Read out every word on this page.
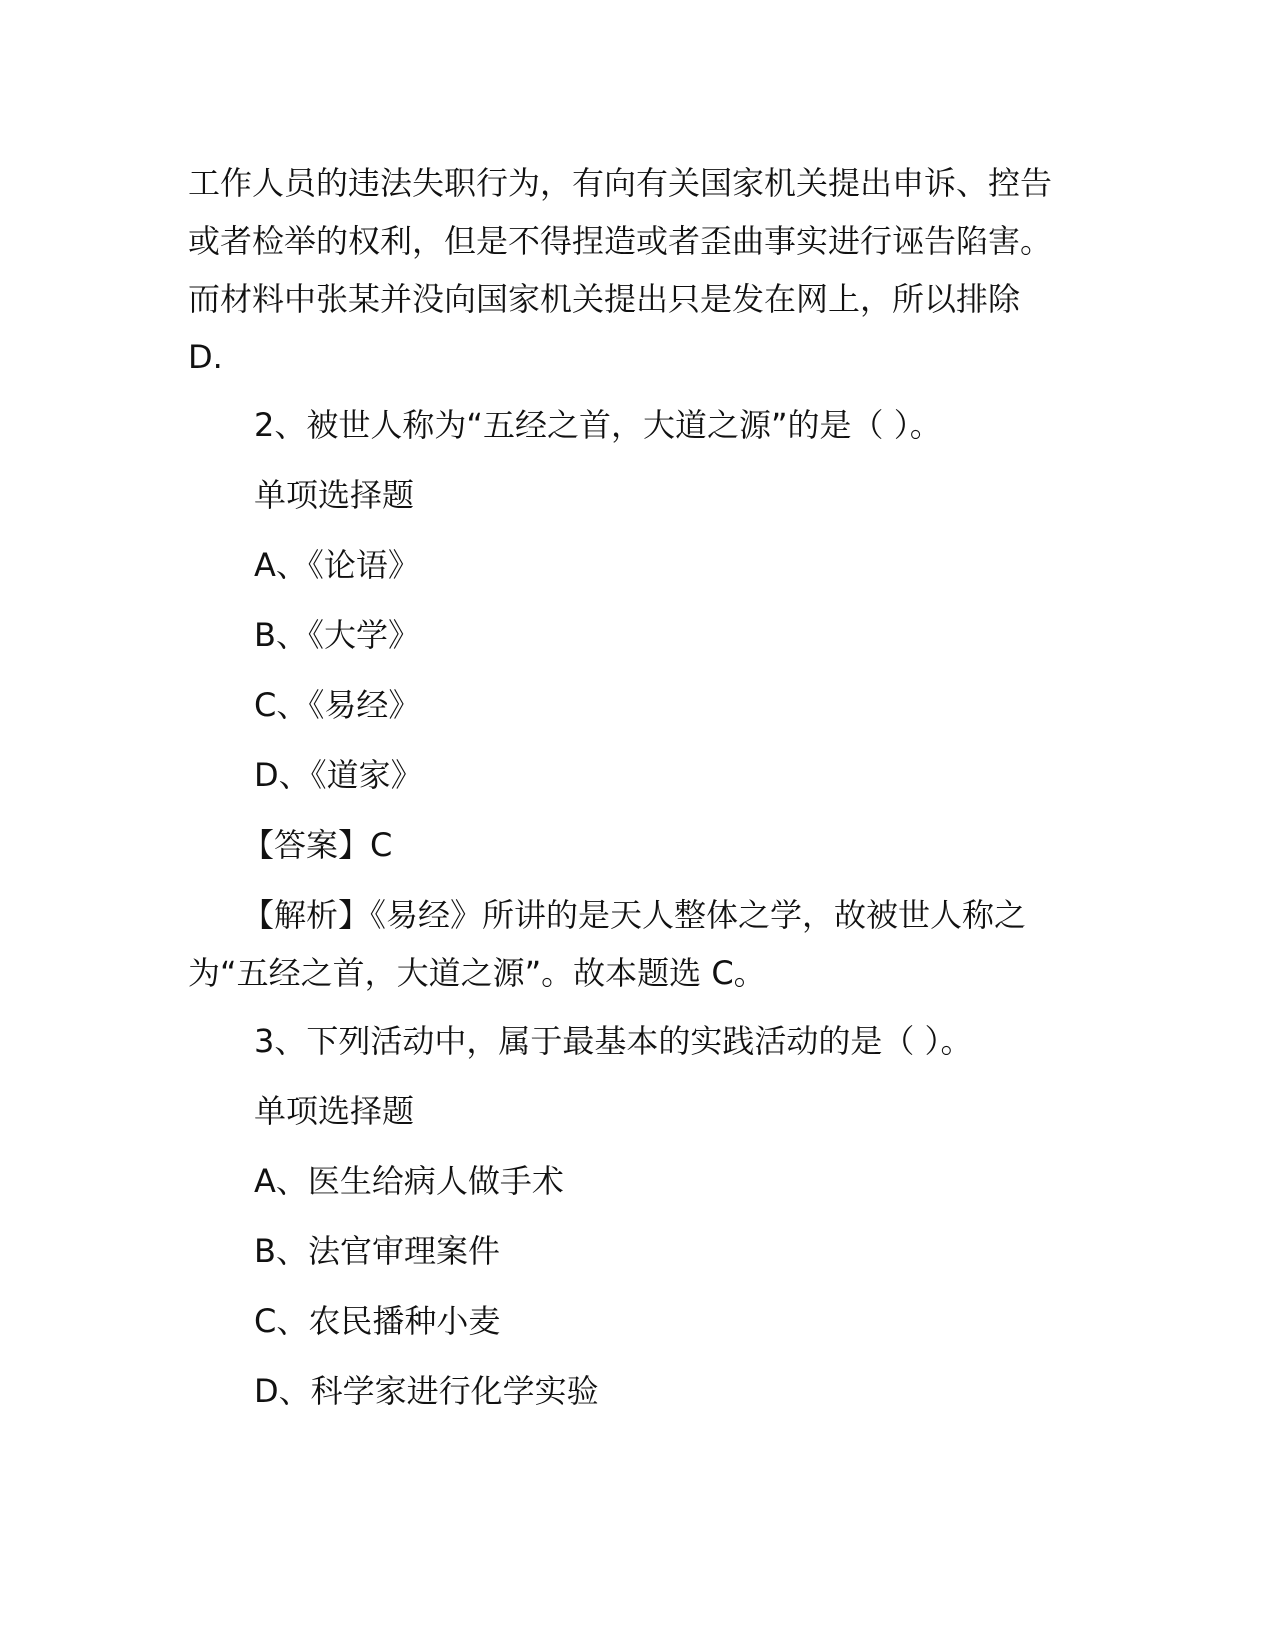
工作人员的违法失职行为，有向有关国家机关提出申诉、控告
或者检举的权利，但是不得捏造或者歪曲事实进行诬告陷害。
而材料中张某并没向国家机关提出只是发在网上，所以排除
D.
2、被世人称为“五经之首，大道之源”的是（ ）。
单项选择题
A、《论语》
B、《大学》
C、《易经》
D、《道家》
【答案】C
【解析】《易经》所讲的是天人整体之学，故被世人称之
为“五经之首，大道之源”。故本题选 C。
3、下列活动中，属于最基本的实践活动的是（ ）。
单项选择题
A、医生给病人做手术
B、法官审理案件
C、农民播种小麦
D、科学家进行化学实验
